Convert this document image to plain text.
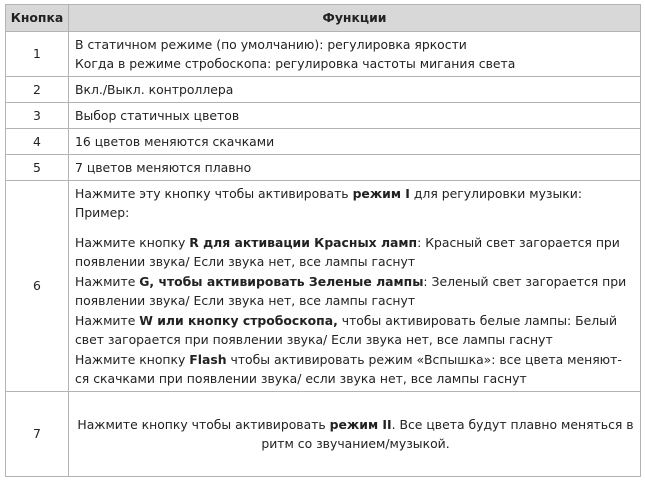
Кнопка	Функции
1	В статичном режиме (по умолчанию): регулировка яркости

Когда в режиме стробоскопа: регулировка частоты мигания света

2	Вкл./Выкл. контроллера

3	Выбор статичных цветов

4	16 цветов меняются скачками

5	7 цветов меняются плавно

6	Нажмите эту кнопку чтобы активировать режим I для регулировки музыки: Пример:

Нажмите кнопку R для активации Красных ламп: Красный свет загорается при появлении звука/ Если звука нет, все лампы гаснут

Нажмите G, чтобы активировать Зеленые лампы: Зеленый свет загорается при появлении звука/ Если звука нет, все лампы гаснут

Нажмите W или кнопку стробоскопа, чтобы активировать белые лампы: Белый свет загорается при появлении звука/ Если звука нет, все лампы гаснут

Нажмите кнопку Flash чтобы активировать режим «Вспышка»: все цвета меняют-ся скачками при появлении звука/ если звука нет, все лампы гаснут

7	Нажмите кнопку чтобы активировать режим II. Все цвета будут плавно меняться в ритм со звучанием/музыкой.
